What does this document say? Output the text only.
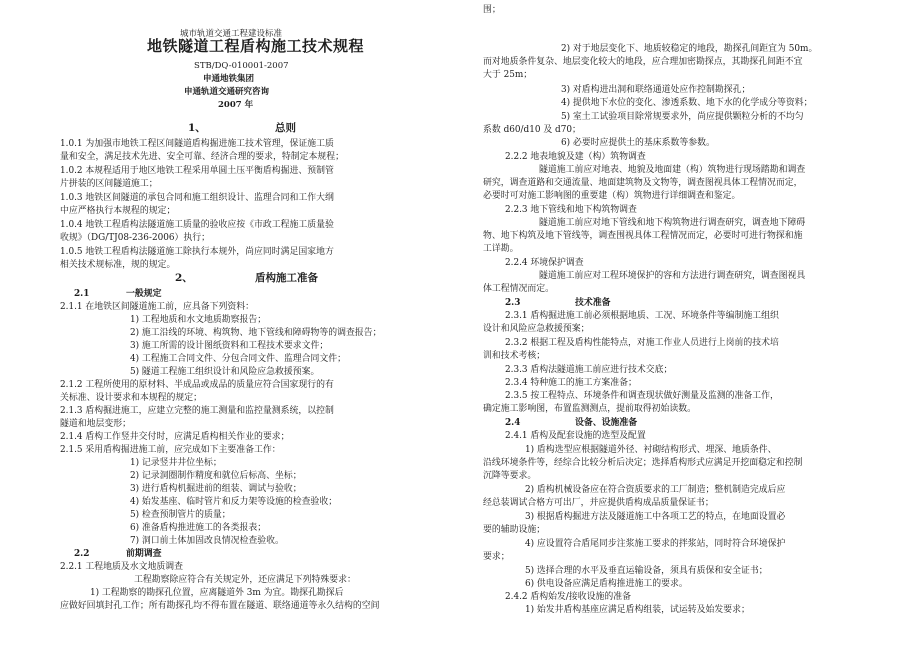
城市轨道交通工程建设标准
地铁隧道工程盾构施工技术规程
STB/DQ-010001-2007
申通地铁集团
申通轨道交通研究咨询
2007 年
1、	总则
1.0.1 为加强市地铁工程区间隧道盾构掘进施工技术管理，保证施工质
量和安全，满足技术先进、安全可靠、经济合理的要求，特制定本规程；
1.0.2 本规程适用于地区地铁工程采用单圆土压平衡盾构掘进、预制管
片拼装的区间隧道施工；
1.0.3 地铁区间隧道的承包合同和施工组织设计、监理合同和工作大纲
中应严格执行本规程的规定；
1.0.4 地铁工程盾构法隧道施工质量的验收应按《市政工程施工质量验
收规》（DG/TJ08-236-2006）执行；
1.0.5 地铁工程盾构法隧道施工除执行本规外，尚应同时满足国家地方
相关技术规标准，规的规定。
2、	盾构施工准备
2.1	一般规定
2.1.1 在地铁区间隧道施工前，应具备下列资料：
1) 工程地质和水文地质勘察报告；
2) 施工沿线的环境、构筑物、地下管线和障碍物等的调查报告；
3) 施工所需的设计图纸资料和工程技术要求文件；
4) 工程施工合同文件、分包合同文件、监理合同文件；
5) 隧道工程施工组织设计和风险应急救援预案。
2.1.2 工程所使用的原材料、半成品或成品的质量应符合国家现行的有
关标准、设计要求和本规程的规定；
2.1.3 盾构掘进施工，应建立完整的施工测量和监控量测系统，以控制
隧道和地层变形；
2.1.4 盾构工作竖井交付时，应满足盾构相关作业的要求；
2.1.5 采用盾构掘进施工前，应完成如下主要准备工作：
1) 记录竖井井位坐标；
2) 记录洞圈制作精度和就位后标高、坐标；
3) 进行盾构机掘进前的组装、调试与验收；
4) 始发基座、临时管片和反力架等设施的检查验收；
5) 检查预制管片的质量；
6) 准备盾构推进施工的各类报表；
7) 洞口前土体加固改良情况检查验收。
2.2	前期调查
2.2.1 工程地质及水文地质调查
工程勘察除应符合有关规定外，还应满足下列特殊要求：
1) 工程勘察的勘探孔位置，应离隧道外 3m 为宜。勘探孔勘探后
应做好回填封孔工作；所有勘探孔均不得布置在隧道、联络通道等永久结构的空间
围；
2) 对于地层变化下、地质较稳定的地段，勘探孔间距宜为 50m。
而对地质条件复杂、地层变化较大的地段，应合理加密勘探点，其勘探孔间距不宜
大于 25m；
3) 对盾构进出洞和联络通道处应作控制勘探孔；
4) 提供地下水位的变化、渗透系数、地下水的化学成分等资料；
5) 室土工试验项目除常规要求外，尚应提供颗粒分析的不均匀
系数 d60/d10 及 d70；
6) 必要时应提供土的基床系数等参数。
2.2.2 地表地貌及建（构）筑物调查
隧道施工前应对地表、地貌及地面建（构）筑物进行现场踏勘和调查
研究，调查道路和交通流量、地面建筑物及文物等，调查图视具体工程情况而定，
必要时可对施工影响图的重要建（构）筑物进行详细调查和鉴定。
2.2.3 地下管线和地下构筑物调查
隧道施工前应对地下管线和地下构筑物进行调查研究，调查地下障碍
物、地下构筑及地下管线等，调查围视具体工程情况而定，必要时可进行物探和施
工详勘。
2.2.4 环境保护调查
隧道施工前应对工程环境保护的容和方法进行调查研究，调查图视具
体工程情况而定。
2.3	技术准备
2.3.1 盾构掘进施工前必须根据地质、工况、环境条件等编制施工组织
设计和风险应急救援预案；
2.3.2 根据工程及盾构性能特点，对施工作业人员进行上岗前的技术培
训和技术考核；
2.3.3 盾构法隧道施工前应进行技术交底；
2.3.4 特种施工的施工方案准备；
2.3.5 按工程特点、环境条件和调查现状做好测量及监测的准备工作，
确定施工影响图，布置监测测点，提前取得初始读数。
2.4	设备、设施准备
2.4.1 盾构及配套设施的选型及配置
1) 盾构选型应根据隧道外径、衬砌结构形式、埋深、地质条件、
沿线环境条件等，经综合比较分析后决定；选择盾构形式应满足开挖面稳定和控制
沉降等要求。
2) 盾构机械设备应在符合资质要求的工厂制造；整机制造完成后应
经总装调试合格方可出厂，并应提供盾构成品质量保证书；
3) 根据盾构掘进方法及隧道施工中各项工艺的特点，在地面设置必
要的辅助设施；
4) 应设置符合盾尾同步注浆施工要求的拌浆站，同时符合环境保护
要求；
5) 选择合理的水平及垂直运输设备，须具有质保和安全证书；
6) 供电设备应满足盾构推进施工的要求。
2.4.2 盾构始发/接收设施的准备
1) 始发井盾构基座应满足盾构组装，试运转及始发要求；
